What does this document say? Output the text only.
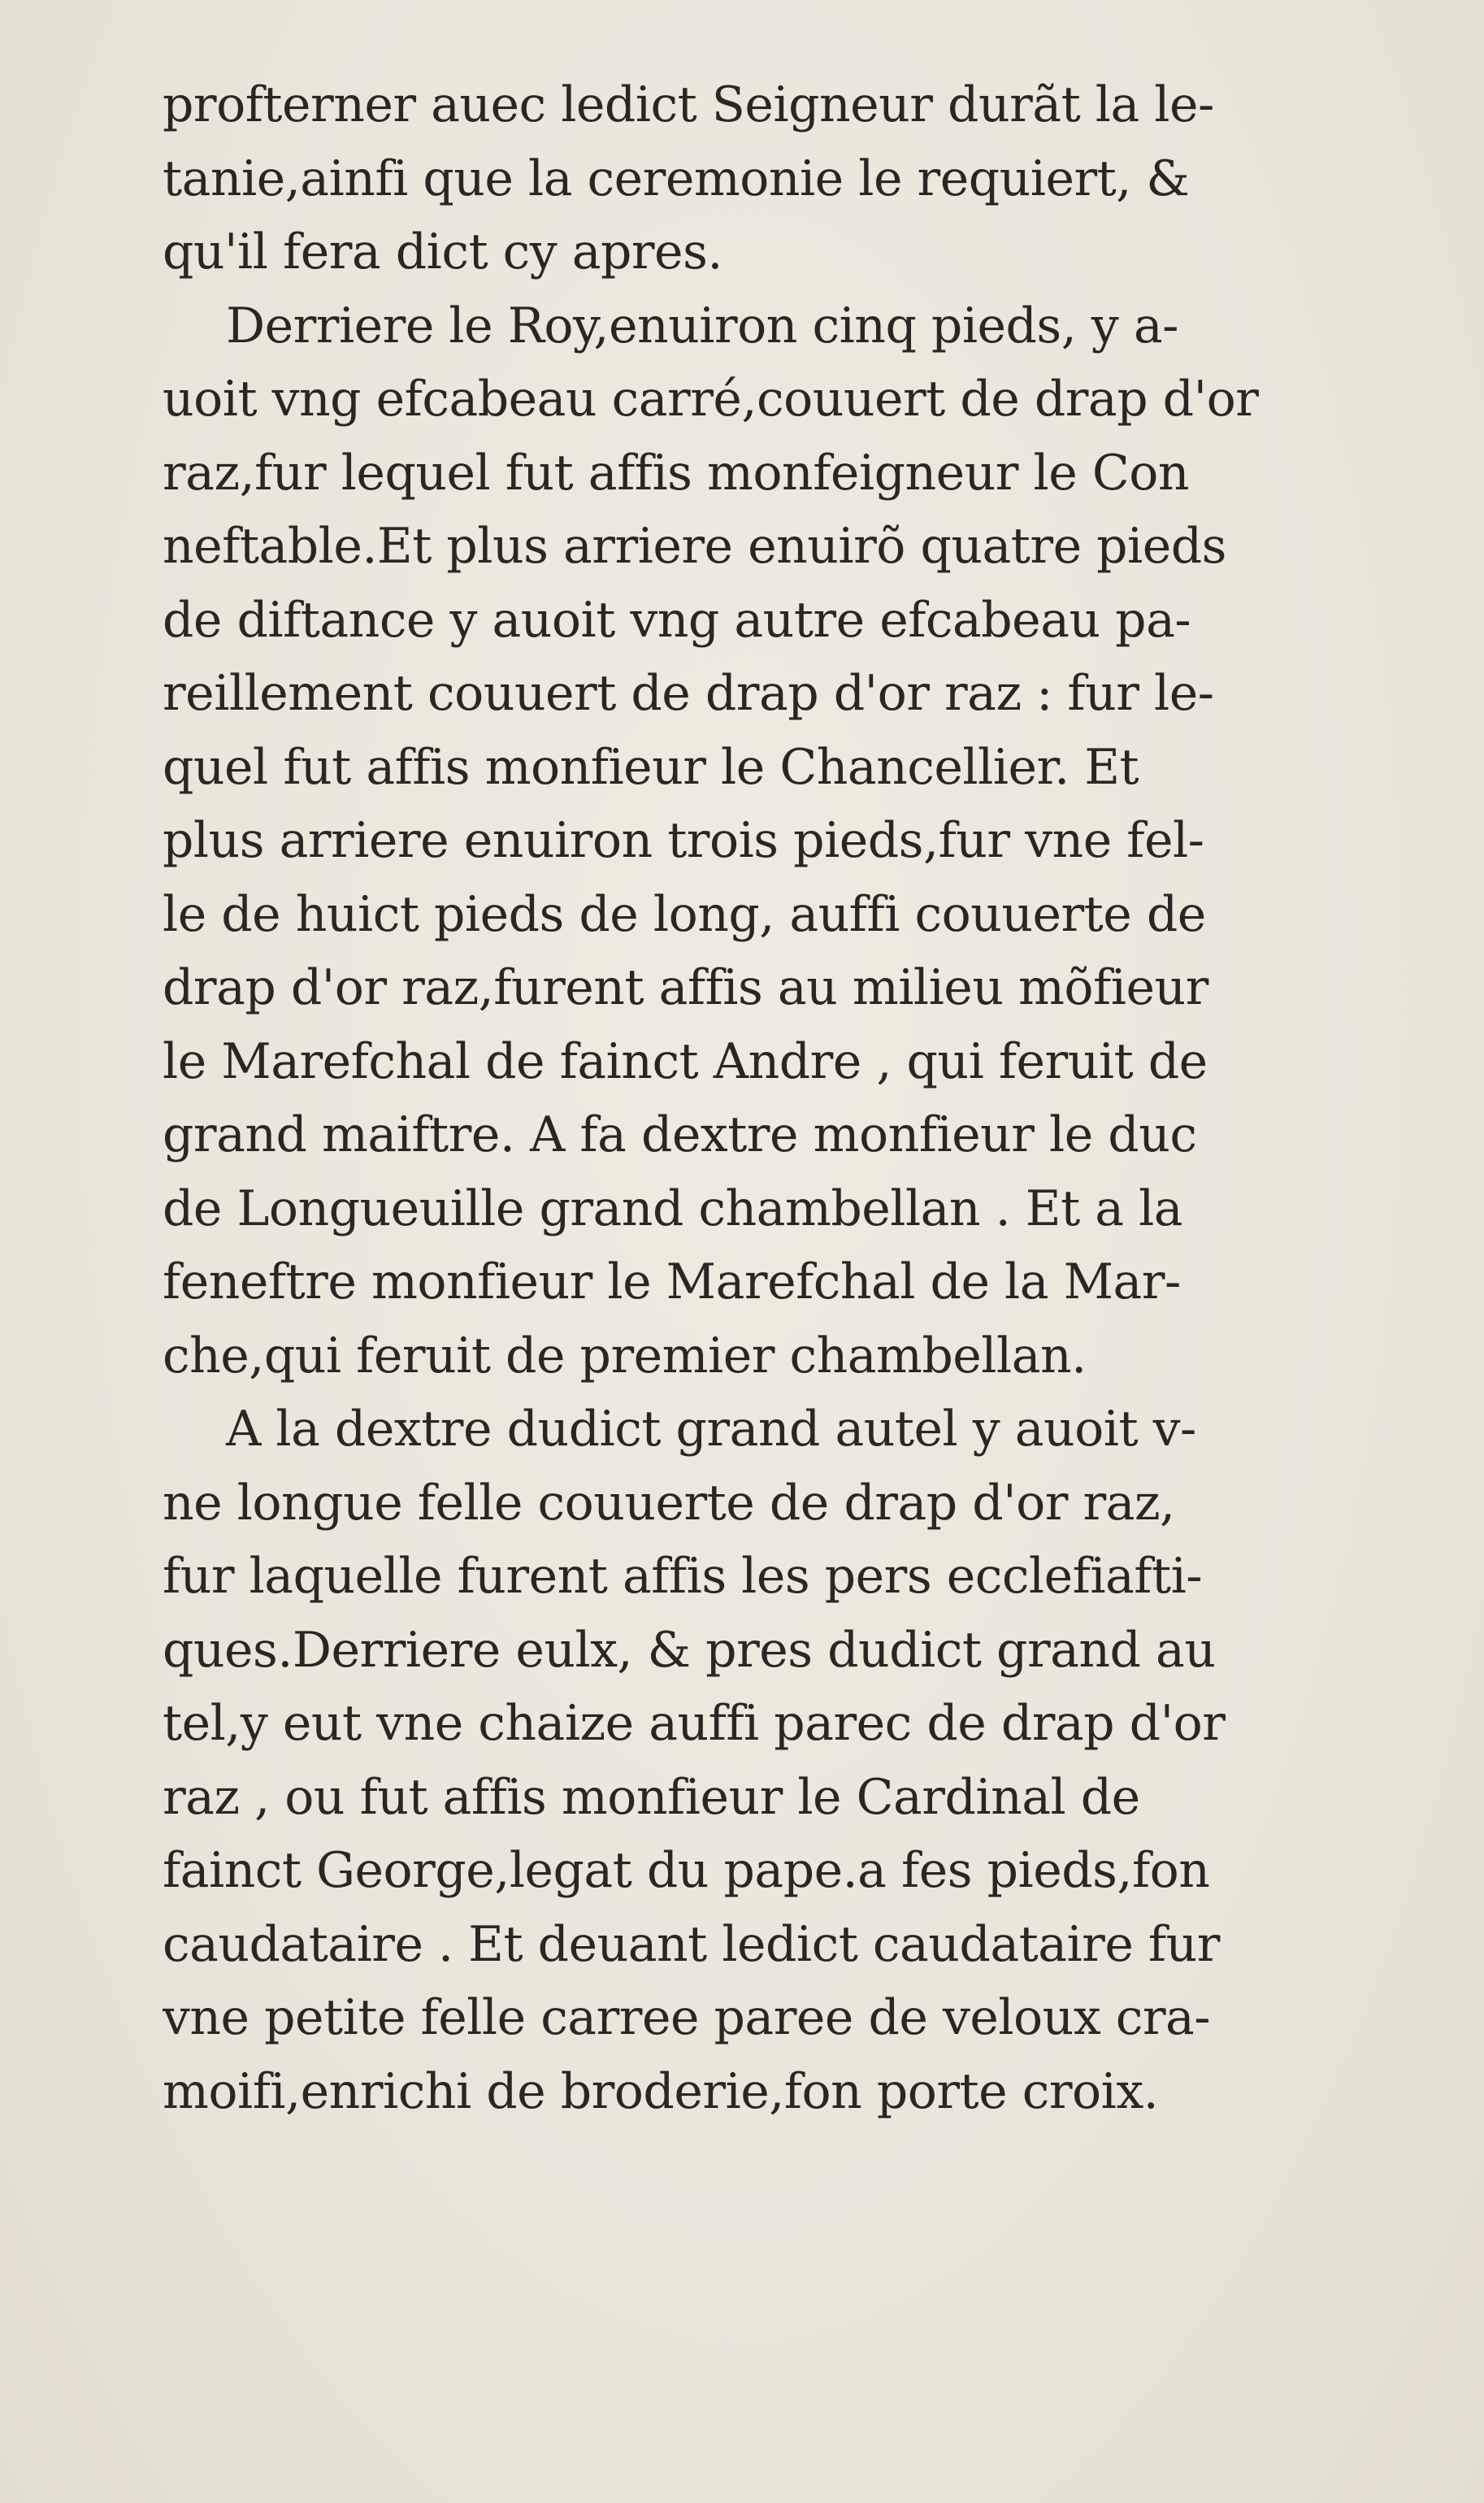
profterner auec ledict Seigneur durãt la le-
tanie,ainfi que la ceremonie le requiert, &
qu'il fera dict cy apres.
Derriere le Roy,enuiron cinq pieds, y a-
uoit vng efcabeau carré,couuert de drap d'or
raz,fur lequel fut affis monfeigneur le Con
neftable.Et plus arriere enuirõ quatre pieds
de diftance y auoit vng autre efcabeau pa-
reillement couuert de drap d'or raz : fur le-
quel fut affis monfieur le Chancellier. Et
plus arriere enuiron trois pieds,fur vne fel-
le de huict pieds de long, auffi couuerte de
drap d'or raz,furent affis au milieu mõfieur
le Marefchal de fainct Andre , qui feruit de
grand maiftre. A fa dextre monfieur le duc
de Longueuille grand chambellan . Et a la
feneftre monfieur le Marefchal de la Mar-
che,qui feruit de premier chambellan.
A la dextre dudict grand autel y auoit v-
ne longue felle couuerte de drap d'or raz,
fur laquelle furent affis les pers ecclefiafti-
ques.Derriere eulx, & pres dudict grand au
tel,y eut vne chaize auffi parec de drap d'or
raz , ou fut affis monfieur le Cardinal de
fainct George,legat du pape.a fes pieds,fon
caudataire . Et deuant ledict caudataire fur
vne petite felle carree paree de veloux cra-
moifi,enrichi de broderie,fon porte croix.
